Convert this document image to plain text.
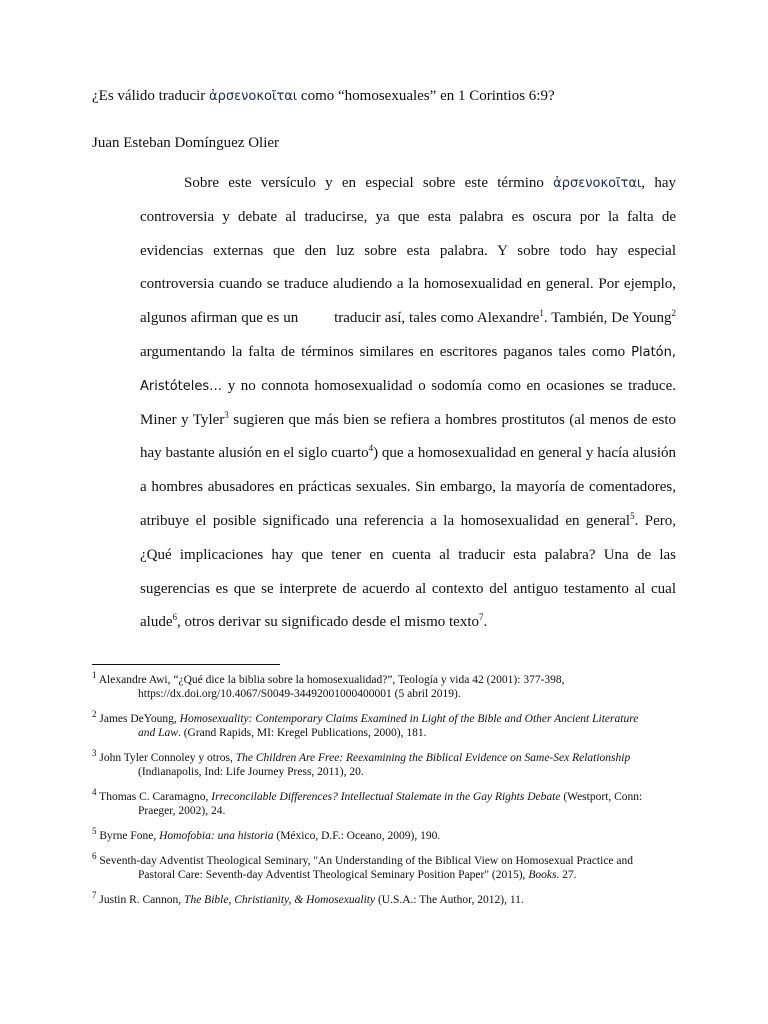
¿Es válido traducir ἀρσενοκοῖται como “homosexuales” en 1 Corintios 6:9?
Juan Esteban Domínguez Olier

Sobre este versículo y en especial sobre este término ἀρσενοκοῖται, hay controversia y debate al traducirse, ya que esta palabra es oscura por la falta de evidencias externas que den luz sobre esta palabra. Y sobre todo hay especial controversia cuando se traduce aludiendo a la homosexualidad en general. Por ejemplo, algunos afirman que es un  traducir así, tales como Alexandre$^1$. También, De Young$^2$ argumentando la falta de términos similares en escritores paganos tales como Platón, Aristóteles… y no connota homosexualidad o sodomía como en ocasiones se traduce. Miner y Tyler$^3$ sugieren que más bien se refiera a hombres prostitutos (al menos de esto hay bastante alusión en el siglo cuarto$^4$) que a homosexualidad en general y hacía alusión a hombres abusadores en prácticas sexuales. Sin embargo, la mayoría de comentadores, atribuye el posible significado una referencia a la homosexualidad en general$^5$. Pero, ¿Qué implicaciones hay que tener en cuenta al traducir esta palabra? Una de las sugerencias es que se interprete de acuerdo al contexto del antiguo testamento al cual alude$^6$, otros derivar su significado desde el mismo texto$^7$.

$^1$ Alexandre Awi, “¿Qué dice la biblia sobre la homosexualidad?”, Teología y vida 42 (2001): 377-398, https://dx.doi.org/10.4067/S0049-34492001000400001 (5 abril 2019).
$^2$ James DeYoung, Homosexuality: Contemporary Claims Examined in Light of the Bible and Other Ancient Literature and Law. (Grand Rapids, MI: Kregel Publications, 2000), 181.
$^3$ John Tyler Connoley y otros, The Children Are Free: Reexamining the Biblical Evidence on Same-Sex Relationship (Indianapolis, Ind: Life Journey Press, 2011), 20.
$^4$ Thomas C. Caramagno, Irreconcilable Differences? Intellectual Stalemate in the Gay Rights Debate (Westport, Conn: Praeger, 2002), 24.
$^5$ Byrne Fone, Homofobia: una historia (México, D.F.: Oceano, 2009), 190.
$^6$ Seventh-day Adventist Theological Seminary, "An Understanding of the Biblical View on Homosexual Practice and Pastoral Care: Seventh-day Adventist Theological Seminary Position Paper" (2015), Books. 27.
$^7$ Justin R. Cannon, The Bible, Christianity, & Homosexuality (U.S.A.: The Author, 2012), 11.
